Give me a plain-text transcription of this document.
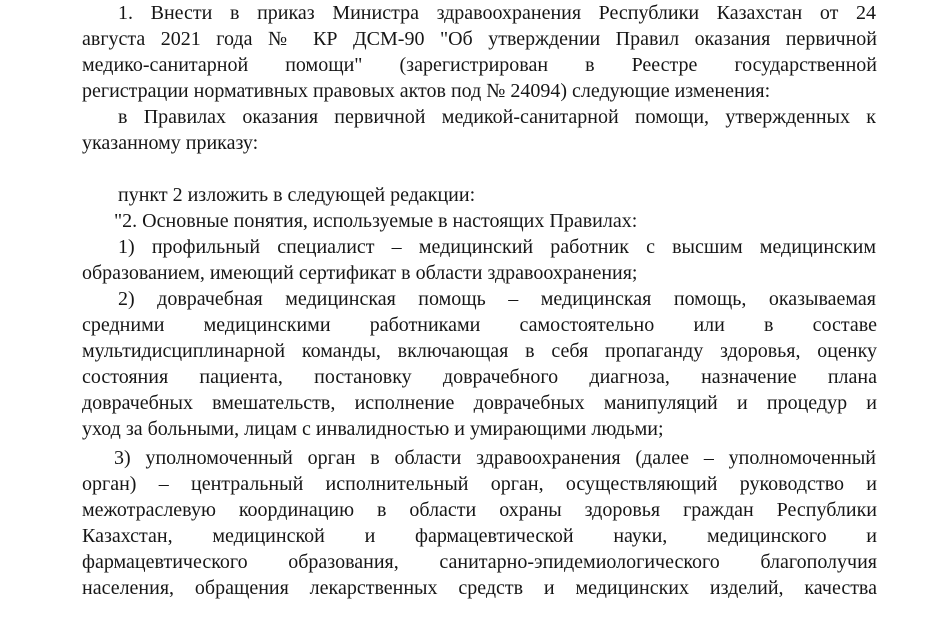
1. Внести в приказ Министра здравоохранения Республики Казахстан от 24
августа 2021 года № КР ДСМ-90 "Об утверждении Правил оказания первичной
медико-санитарной помощи" (зарегистрирован в Реестре государственной
регистрации нормативных правовых актов под № 24094) следующие изменения:
в Правилах оказания первичной медикой-санитарной помощи, утвержденных к
указанному приказу:
пункт 2 изложить в следующей редакции:
"2. Основные понятия, используемые в настоящих Правилах:
1) профильный специалист – медицинский работник с высшим медицинским
образованием, имеющий сертификат в области здравоохранения;
2) доврачебная медицинская помощь – медицинская помощь, оказываемая
средними медицинскими работниками самостоятельно или в составе
мультидисциплинарной команды, включающая в себя пропаганду здоровья, оценку
состояния пациента, постановку доврачебного диагноза, назначение плана
доврачебных вмешательств, исполнение доврачебных манипуляций и процедур и
уход за больными, лицам с инвалидностью и умирающими людьми;
3) уполномоченный орган в области здравоохранения (далее – уполномоченный
орган) – центральный исполнительный орган, осуществляющий руководство и
межотраслевую координацию в области охраны здоровья граждан Республики
Казахстан, медицинской и фармацевтической науки, медицинского и
фармацевтического образования, санитарно-эпидемиологического благополучия
населения, обращения лекарственных средств и медицинских изделий, качества
